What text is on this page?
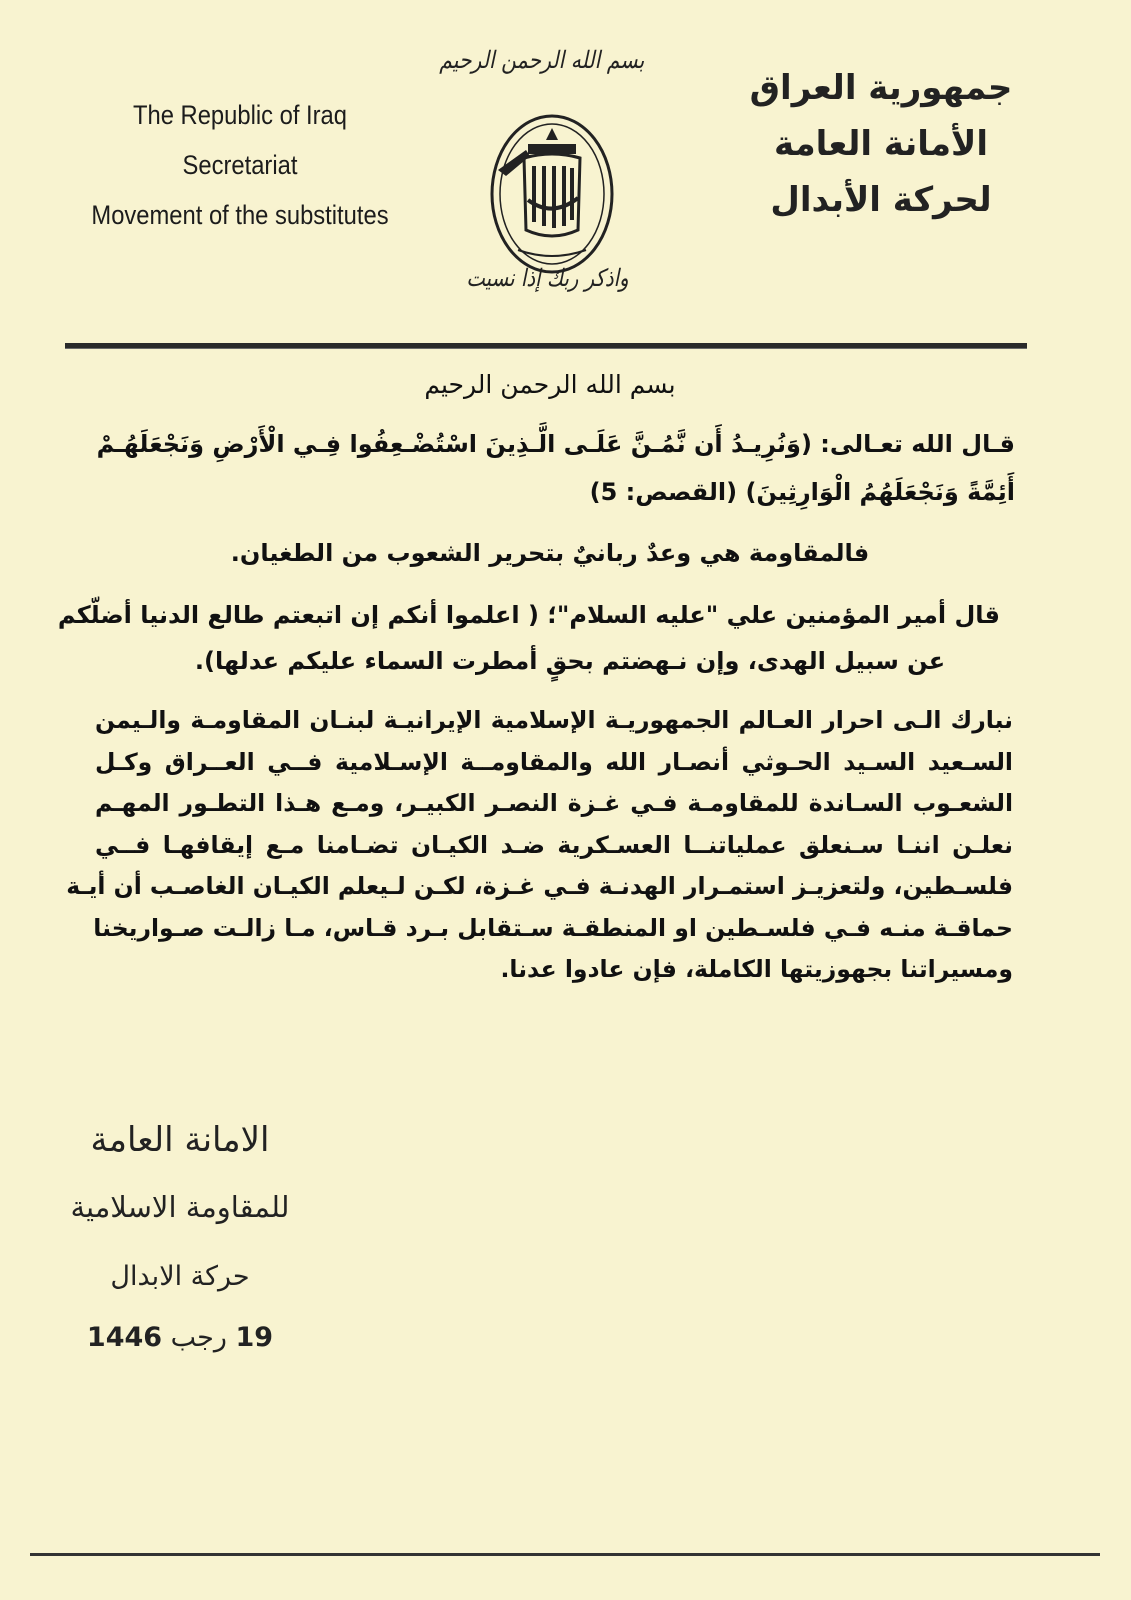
The Republic of Iraq
Secretariat
Movement of the substitutes
بسم الله الرحمن الرحيم
واذكر ربك إذا نسيت
جمهورية العراق
الأمانة العامة
لحركة الأبدال
بسم الله الرحمن الرحيم
قـال الله تعـالى: (وَنُرِيـدُ أَن نَّمُـنَّ عَلَـى الَّـذِينَ اسْتُضْـعِفُوا فِـي الْأَرْضِ وَنَجْعَلَهُـمْ
أَئِمَّةً وَنَجْعَلَهُمُ الْوَارِثِينَ) (القصص: 5)
فالمقاومة هي وعدٌ ربانيٌ بتحرير الشعوب من الطغيان.
قال أمير المؤمنين علي "عليه السلام"؛ ( اعلموا أنكم إن اتبعتم طالع الدنيا أضلّكم
عن سبيل الهدى، وإن نـهضتم بحقٍ أمطرت السماء عليكم عدلها).
نبارك الـى احرار العـالم الجمهوريـة الإسلامية الإيرانيـة لبنـان المقاومـة والـيمن
السـعيد السـيد الحـوثي أنصـار الله والمقاومــة الإسـلامية فــي العــراق وكـل
الشعـوب السـاندة للمقاومـة فـي غـزة النصـر الكبيـر، ومـع هـذا التطـور المهـم
نعلـن اننـا سـنعلق عملياتنــا العسـكرية ضـد الكيـان تضـامنا مـع إيقافهـا فــي
فلسـطين، ولتعزيـز استمـرار الهدنـة فـي غـزة، لكـن لـيعلم الكيـان الغاصـب أن أيـة
حماقـة منـه فـي فلسـطين او المنطقـة سـتقابل بـرد قـاس، مـا زالـت صـواريخنا
ومسيراتنا بجهوزيتها الكاملة، فإن عادوا عدنا.
الامانة العامة
للمقاومة الاسلامية
حركة الابدال
19 رجب 1446
